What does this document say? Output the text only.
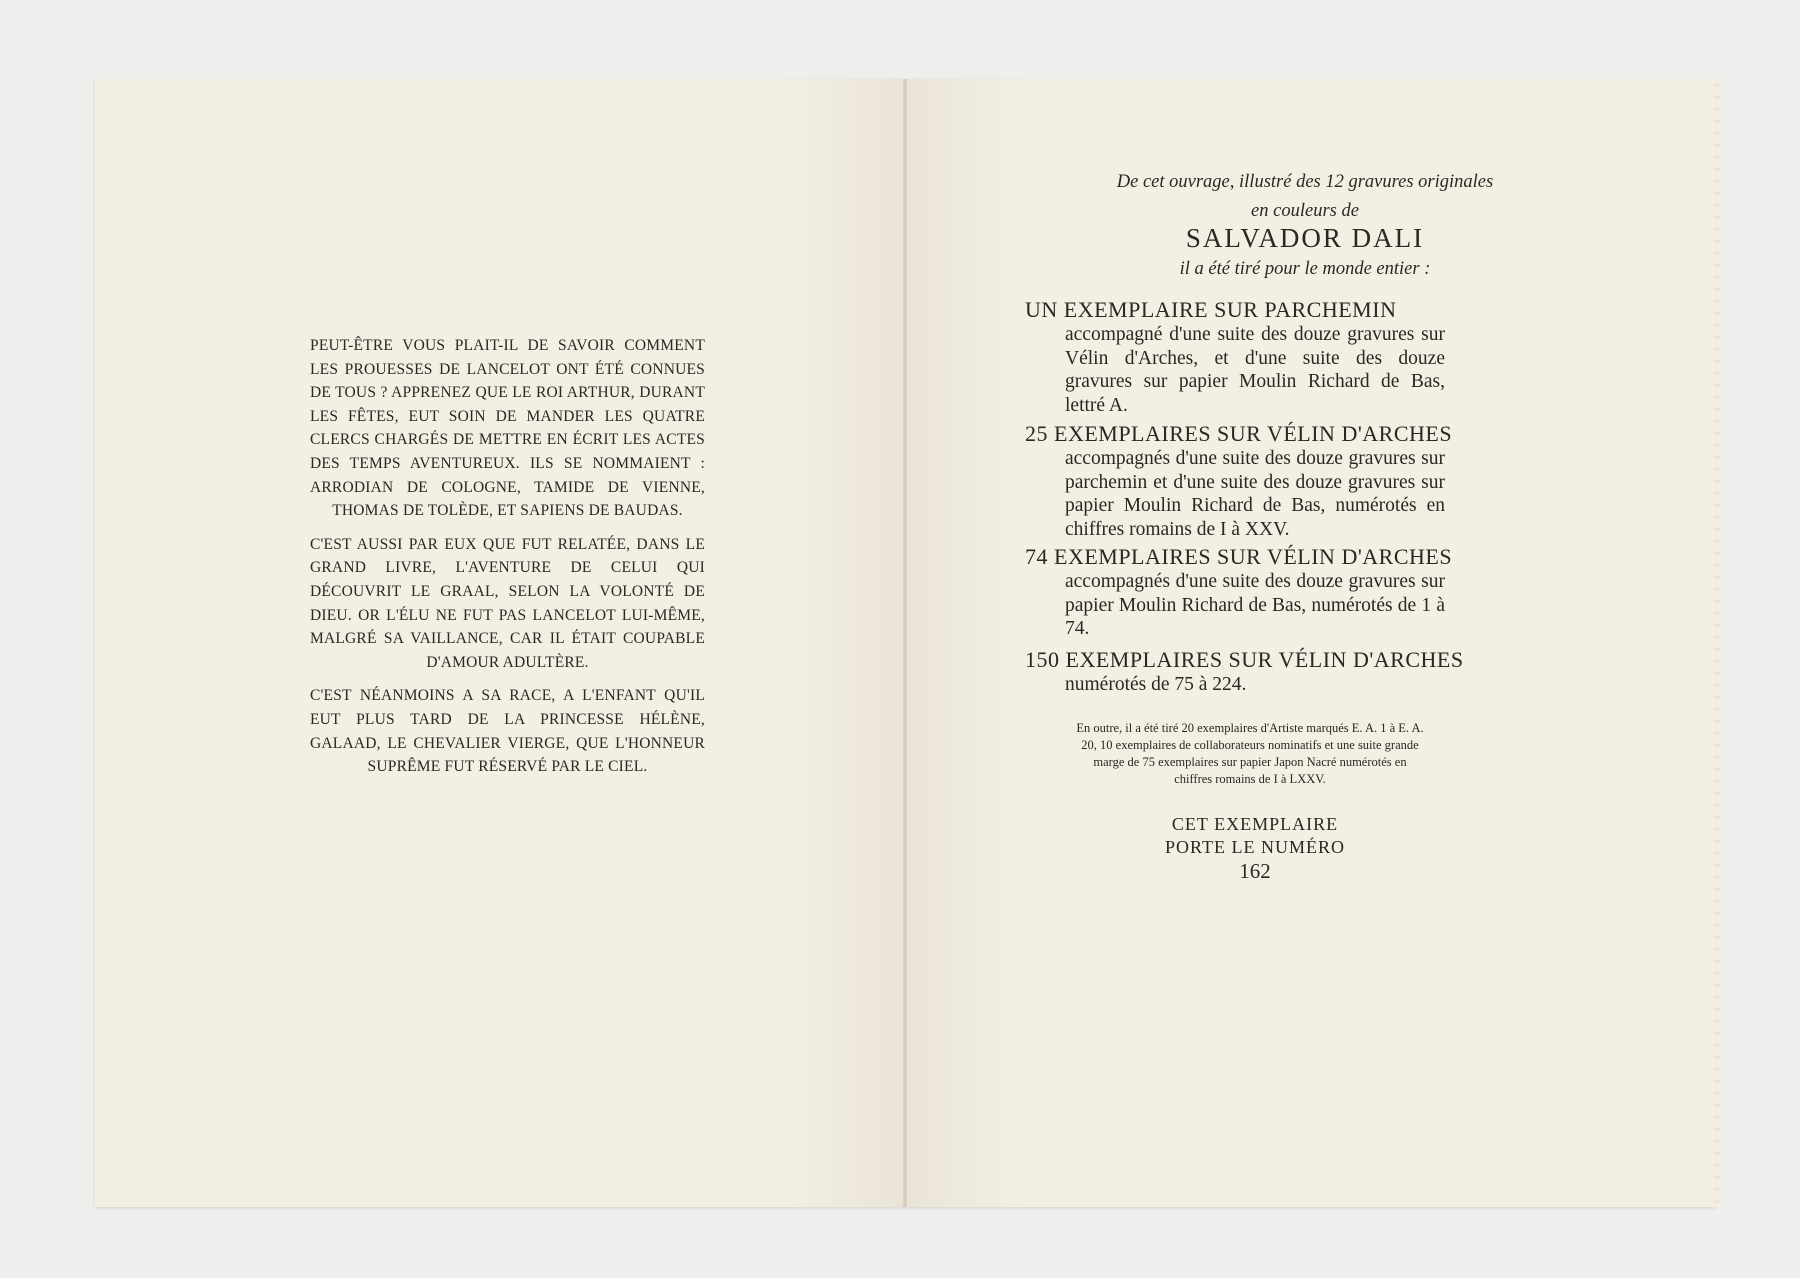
PEUT-ÊTRE VOUS PLAIT-IL DE SAVOIR COMMENT LES PROUESSES DE LANCELOT ONT ÉTÉ CONNUES DE TOUS ? APPRENEZ QUE LE ROI ARTHUR, DURANT LES FÊTES, EUT SOIN DE MANDER LES QUATRE CLERCS CHARGÉS DE METTRE EN ÉCRIT LES ACTES DES TEMPS AVENTUREUX. ILS SE NOMMAIENT : ARRODIAN DE COLOGNE, TAMIDE DE VIENNE, THOMAS DE TOLÈDE, ET SAPIENS DE BAUDAS.

C'EST AUSSI PAR EUX QUE FUT RELATÉE, DANS LE GRAND LIVRE, L'AVENTURE DE CELUI QUI DÉCOUVRIT LE GRAAL, SELON LA VOLONTÉ DE DIEU. OR L'ÉLU NE FUT PAS LANCELOT LUI-MÊME, MALGRÉ SA VAILLANCE, CAR IL ÉTAIT COUPABLE D'AMOUR ADULTÈRE.

C'EST NÉANMOINS A SA RACE, A L'ENFANT QU'IL EUT PLUS TARD DE LA PRINCESSE HÉLÈNE, GALAAD, LE CHEVALIER VIERGE, QUE L'HONNEUR SUPRÊME FUT RÉSERVÉ PAR LE CIEL.

De cet ouvrage, illustré des 12 gravures originales
en couleurs de
SALVADOR DALI
il a été tiré pour le monde entier :
UN EXEMPLAIRE SUR PARCHEMIN
accompagné d'une suite des douze gravures sur Vélin d'Arches, et d'une suite des douze gravures sur papier Moulin Richard de Bas, lettré A.
25 EXEMPLAIRES SUR VÉLIN D'ARCHES
accompagnés d'une suite des douze gravures sur parchemin et d'une suite des douze gravures sur papier Moulin Richard de Bas, numérotés en chiffres romains de I à XXV.
74 EXEMPLAIRES SUR VÉLIN D'ARCHES
accompagnés d'une suite des douze gravures sur papier Moulin Richard de Bas, numérotés de 1 à 74.
150 EXEMPLAIRES SUR VÉLIN D'ARCHES
numérotés de 75 à 224.
En outre, il a été tiré 20 exemplaires d'Artiste marqués E. A. 1 à E. A. 20, 10 exemplaires de collaborateurs nominatifs et une suite grande marge de 75 exemplaires sur papier Japon Nacré numérotés en chiffres romains de I à LXXV.
CET EXEMPLAIRE
PORTE LE NUMÉRO
162
